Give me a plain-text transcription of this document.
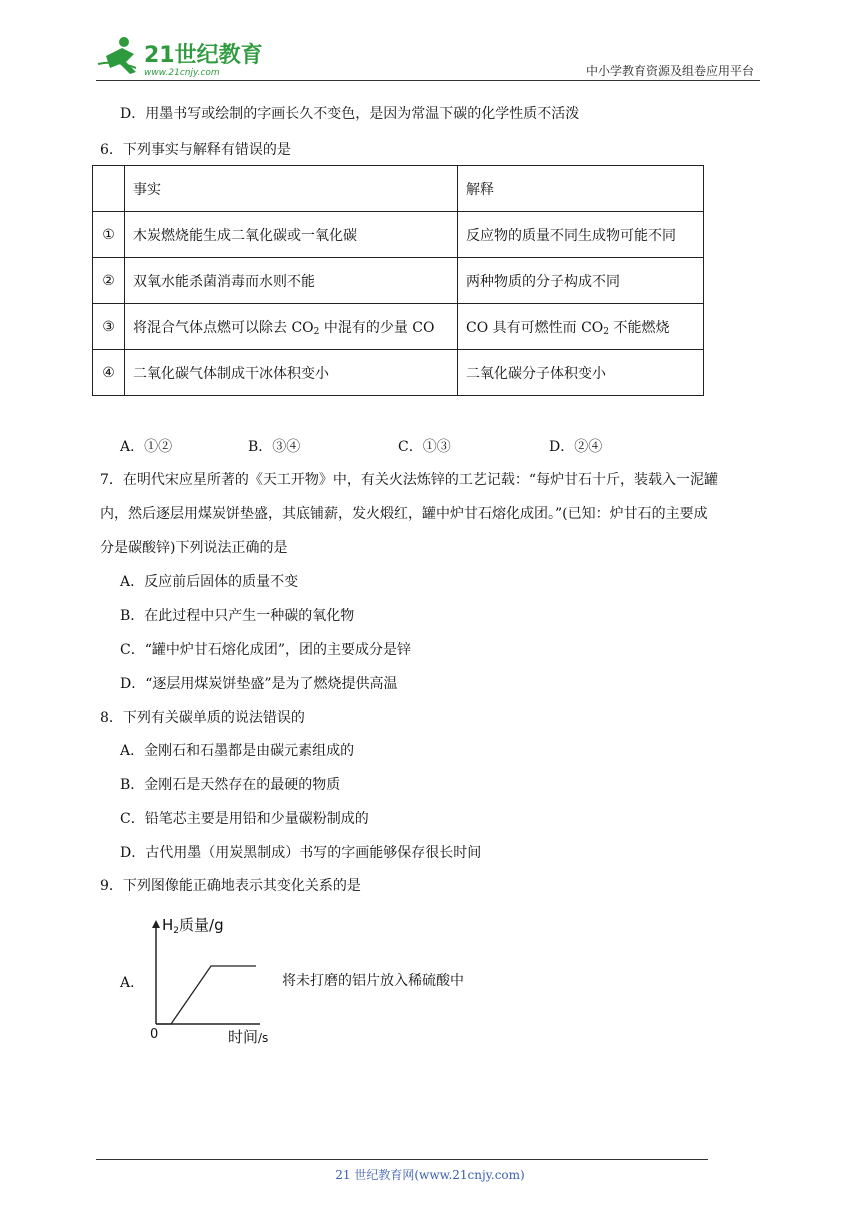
21世纪教育
www.21cnjy.com	中小学教育资源及组卷应用平台
D．用墨书写或绘制的字画长久不变色，是因为常温下碳的化学性质不活泼
6．下列事实与解释有错误的是
	事实	解释
①	木炭燃烧能生成二氧化碳或一氧化碳	反应物的质量不同生成物可能不同
②	双氧水能杀菌消毒而水则不能	两种物质的分子构成不同
③	将混合气体点燃可以除去 $CO_2$ 中混有的少量 CO	CO 具有可燃性而 $CO_2$ 不能燃烧
④	二氧化碳气体制成干冰体积变小	二氧化碳分子体积变小
A．①②	B．③④	C．①③	D．②④
7．在明代宋应星所著的《天工开物》中，有关火法炼锌的工艺记载：“每炉甘石十斤，装载入一泥罐
内，然后逐层用煤炭饼垫盛，其底铺薪，发火煅红，罐中炉甘石熔化成团。”(已知：炉甘石的主要成
分是碳酸锌)下列说法正确的是
A．反应前后固体的质量不变
B．在此过程中只产生一种碳的氧化物
C．“罐中炉甘石熔化成团”，团的主要成分是锌
D．“逐层用煤炭饼垫盛”是为了燃烧提供高温
8．下列有关碳单质的说法错误的
A．金刚石和石墨都是由碳元素组成的
B．金刚石是天然存在的最硬的物质
C．铅笔芯主要是用铅和少量碳粉制成的
D．古代用墨（用炭黑制成）书写的字画能够保存很长时间
9．下列图像能正确地表示其变化关系的是
A．
$H_2$质量/g
时间/s
0
将未打磨的铝片放入稀硫酸中
21 世纪教育网(www.21cnjy.com)
